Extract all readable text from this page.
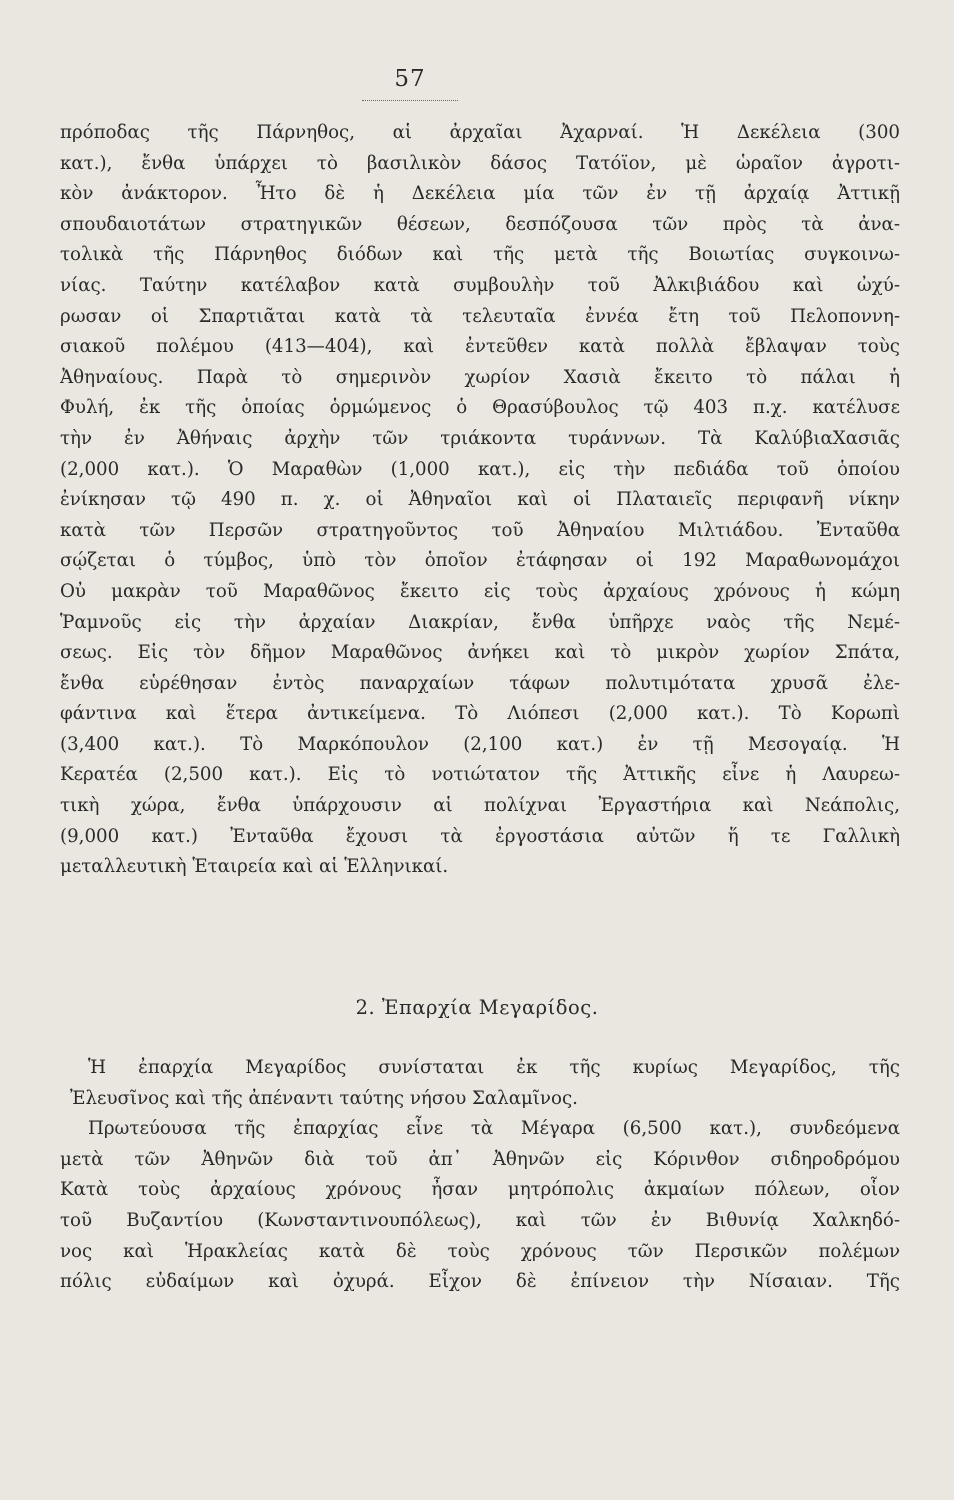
57
πρόποδας τῆς Πάρνηθος, αἱ ἀρχαῖαι Ἀχαρναί. Ἡ Δεκέλεια (300
κατ.), ἔνθα ὑπάρχει τὸ βασιλικὸν δάσος Τατόϊον, μὲ ὡραῖον ἀγροτι-
κὸν ἀνάκτορον. Ἦτο δὲ ἡ Δεκέλεια μία τῶν ἐν τῇ ἀρχαίᾳ Ἀττικῇ
σπουδαιοτάτων στρατηγικῶν θέσεων, δεσπόζουσα τῶν πρὸς τὰ ἀνα-
τολικὰ τῆς Πάρνηθος διόδων καὶ τῆς μετὰ τῆς Βοιωτίας συγκοινω-
νίας. Ταύτην κατέλαβον κατὰ συμβουλὴν τοῦ Ἀλκιβιάδου καὶ ὠχύ-
ρωσαν οἱ Σπαρτιᾶται κατὰ τὰ τελευταῖα ἐννέα ἔτη τοῦ Πελοποννη-
σιακοῦ πολέμου (413—404), καὶ ἐντεῦθεν κατὰ πολλὰ ἔβλαψαν τοὺς
Ἀθηναίους. Παρὰ τὸ σημερινὸν χωρίον Χασιὰ ἔκειτο τὸ πάλαι ἡ
Φυλή, ἐκ τῆς ὁποίας ὁρμώμενος ὁ Θρασύβουλος τῷ 403 π.χ. κατέλυσε
τὴν ἐν Ἀθήναις ἀρχὴν τῶν τριάκοντα τυράννων. Τὰ ΚαλύβιαΧασιᾶς
(2,000 κατ.). Ὁ Μαραθὼν (1,000 κατ.), εἰς τὴν πεδιάδα τοῦ ὁποίου
ἐνίκησαν τῷ 490 π. χ. οἱ Ἀθηναῖοι καὶ οἱ Πλαταιεῖς περιφανῆ νίκην
κατὰ τῶν Περσῶν στρατηγοῦντος τοῦ Ἀθηναίου Μιλτιάδου. Ἐνταῦθα
σῴζεται ὁ τύμβος, ὑπὸ τὸν ὁποῖον ἐτάφησαν οἱ 192 Μαραθωνομάχοι
Οὐ μακρὰν τοῦ Μαραθῶνος ἔκειτο εἰς τοὺς ἀρχαίους χρόνους ἡ κώμη
Ῥαμνοῦς εἰς τὴν ἀρχαίαν Διακρίαν, ἔνθα ὑπῆρχε ναὸς τῆς Νεμέ-
σεως. Εἰς τὸν δῆμον Μαραθῶνος ἀνήκει καὶ τὸ μικρὸν χωρίον Σπάτα,
ἔνθα εὑρέθησαν ἐντὸς παναρχαίων τάφων πολυτιμότατα χρυσᾶ ἐλε-
φάντινα καὶ ἕτερα ἀντικείμενα. Τὸ Λιόπεσι (2,000 κατ.). Τὸ Κορωπὶ
(3,400 κατ.). Τὸ Μαρκόπουλον (2,100 κατ.) ἐν τῇ Μεσογαίᾳ. Ἡ
Κερατέα (2,500 κατ.). Εἰς τὸ νοτιώτατον τῆς Ἀττικῆς εἶνε ἡ Λαυρεω-
τικὴ χώρα, ἔνθα ὑπάρχουσιν αἱ πολίχναι Ἐργαστήρια καὶ Νεάπολις,
(9,000 κατ.) Ἐνταῦθα ἔχουσι τὰ ἐργοστάσια αὐτῶν ἥ τε Γαλλικὴ
μεταλλευτικὴ Ἑταιρεία καὶ αἱ Ἑλληνικαί.
2. Ἐπαρχία Μεγαρίδος.
Ἡ ἐπαρχία Μεγαρίδος συνίσταται ἐκ τῆς κυρίως Μεγαρίδος, τῆς
Ἐλευσῖνος καὶ τῆς ἀπέναντι ταύτης νήσου Σαλαμῖνος.
Πρωτεύουσα τῆς ἐπαρχίας εἶνε τὰ Μέγαρα (6,500 κατ.), συνδεόμενα
μετὰ τῶν Ἀθηνῶν διὰ τοῦ ἀπ᾽ Ἀθηνῶν εἰς Κόρινθον σιδηροδρόμου
Κατὰ τοὺς ἀρχαίους χρόνους ἦσαν μητρόπολις ἀκμαίων πόλεων, οἷον
τοῦ Βυζαντίου (Κωνσταντινουπόλεως), καὶ τῶν ἐν Βιθυνίᾳ Χαλκηδό-
νος καὶ Ἡρακλείας κατὰ δὲ τοὺς χρόνους τῶν Περσικῶν πολέμων
πόλις εὐδαίμων καὶ ὀχυρά. Εἶχον δὲ ἐπίνειον τὴν Νίσαιαν. Τῆς
